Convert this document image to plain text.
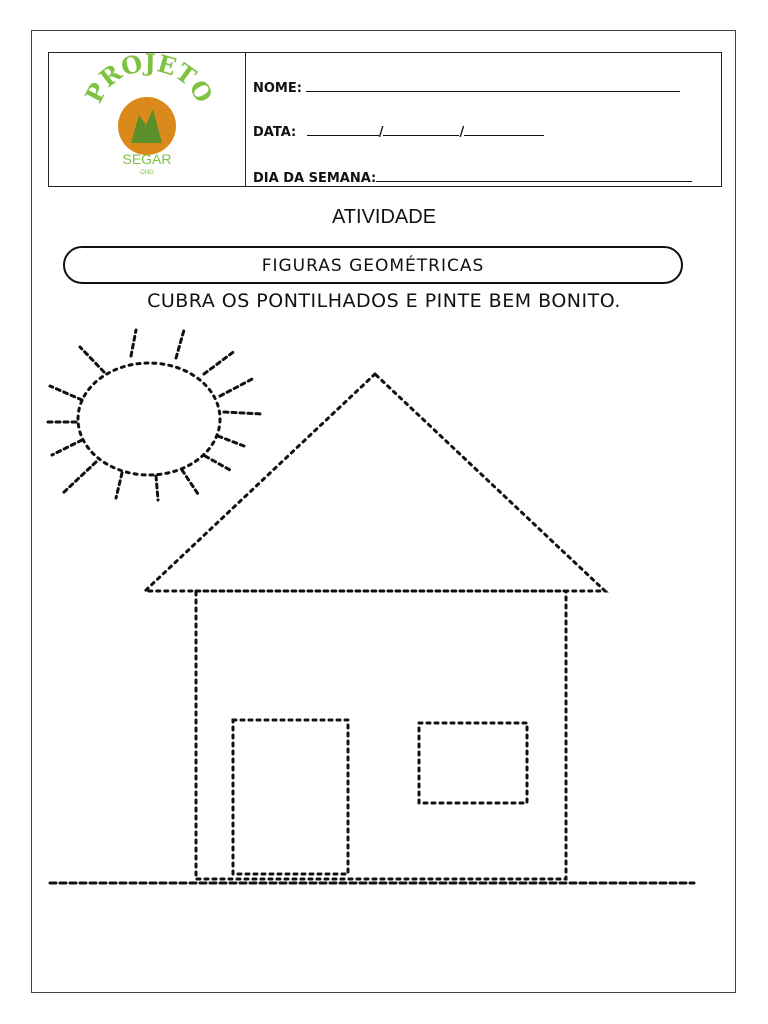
PROJETO
SEGAR
ONG
NOME:
DATA:	/	/
DIA DA SEMANA:
ATIVIDADE
FIGURAS GEOMÉTRICAS
CUBRA OS PONTILHADOS E PINTE BEM BONITO.
